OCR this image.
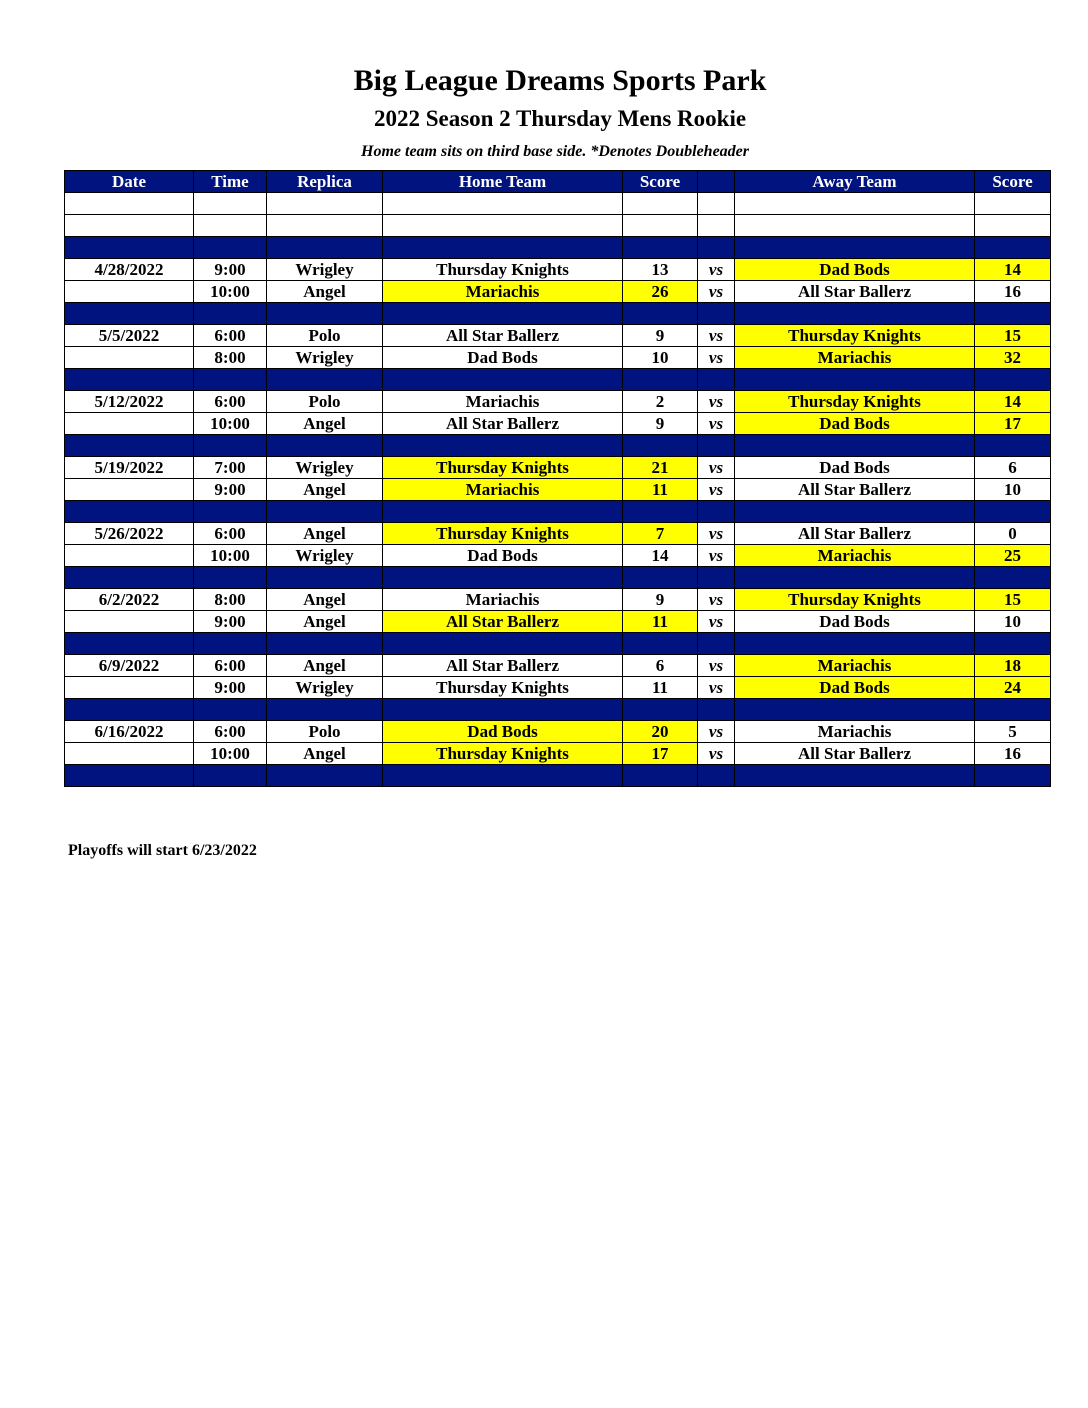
Big League Dreams Sports Park
2022 Season 2 Thursday Mens Rookie
Home team sits on third base side. *Denotes Doubleheader
Date	Time	Replica	Home Team	Score		Away Team	Score

4/28/2022	9:00	Wrigley	Thursday Knights	13	vs	Dad Bods	14
	10:00	Angel	Mariachis	26	vs	All Star Ballerz	16

5/5/2022	6:00	Polo	All Star Ballerz	9	vs	Thursday Knights	15
	8:00	Wrigley	Dad Bods	10	vs	Mariachis	32

5/12/2022	6:00	Polo	Mariachis	2	vs	Thursday Knights	14
	10:00	Angel	All Star Ballerz	9	vs	Dad Bods	17

5/19/2022	7:00	Wrigley	Thursday Knights	21	vs	Dad Bods	6
	9:00	Angel	Mariachis	11	vs	All Star Ballerz	10

5/26/2022	6:00	Angel	Thursday Knights	7	vs	All Star Ballerz	0
	10:00	Wrigley	Dad Bods	14	vs	Mariachis	25

6/2/2022	8:00	Angel	Mariachis	9	vs	Thursday Knights	15
	9:00	Angel	All Star Ballerz	11	vs	Dad Bods	10

6/9/2022	6:00	Angel	All Star Ballerz	6	vs	Mariachis	18
	9:00	Wrigley	Thursday Knights	11	vs	Dad Bods	24

6/16/2022	6:00	Polo	Dad Bods	20	vs	Mariachis	5
	10:00	Angel	Thursday Knights	17	vs	All Star Ballerz	16

Playoffs will start 6/23/2022
